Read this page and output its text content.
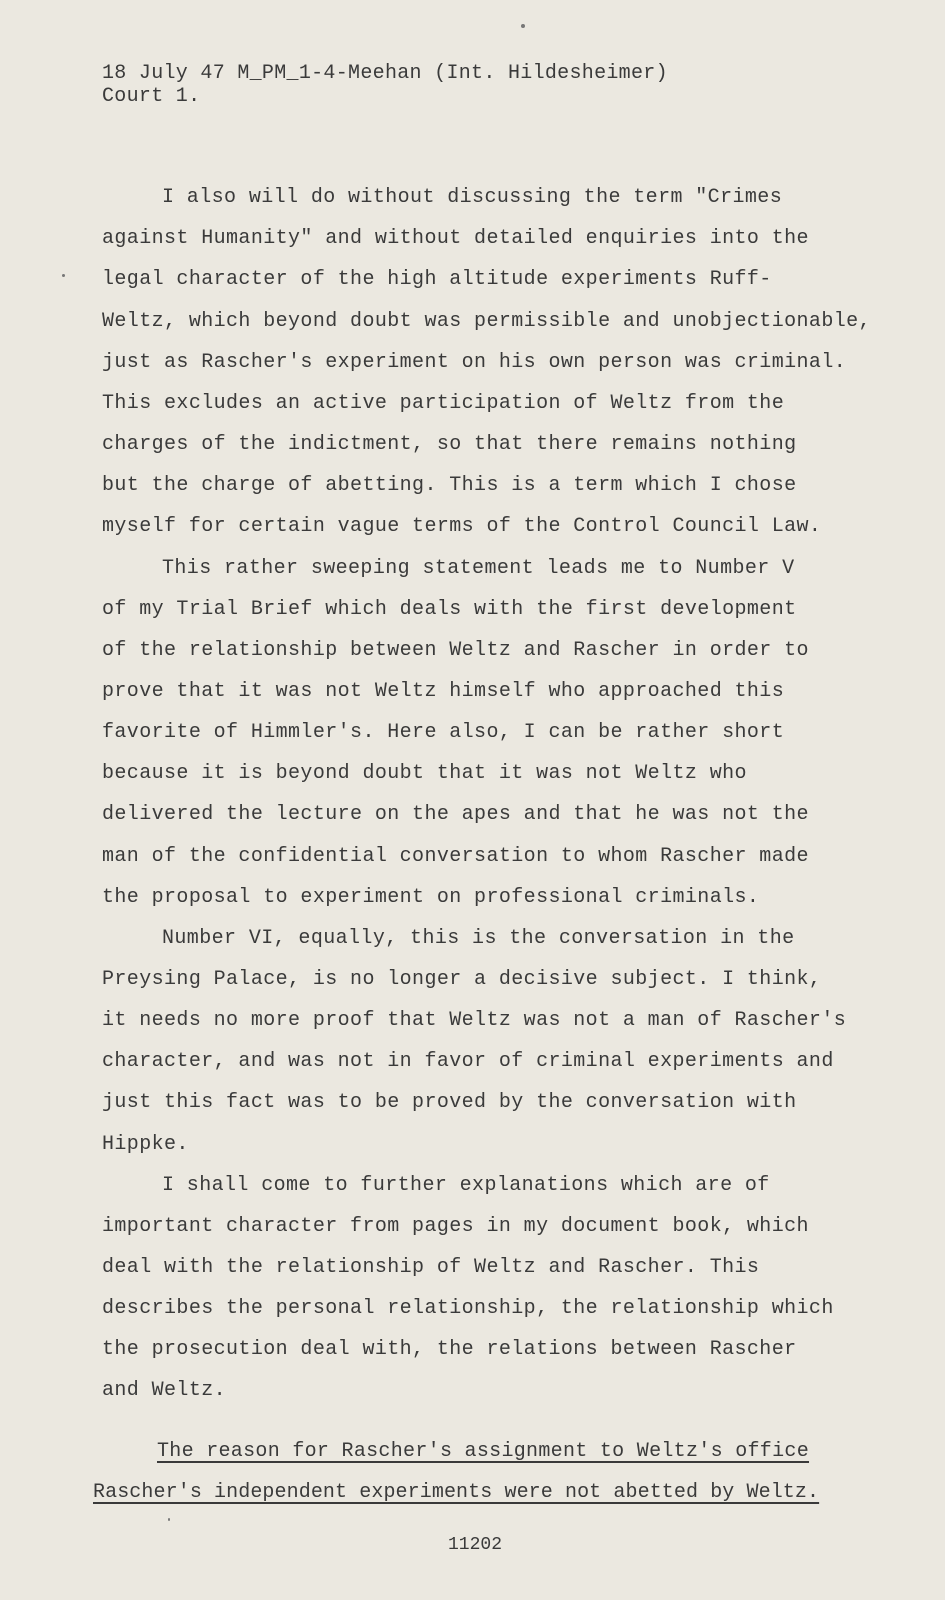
18 July 47 M_PM_1-4-Meehan (Int. Hildesheimer)
Court 1.
I also will do without discussing the term "Crimes
against Humanity" and without detailed enquiries into the
legal character of the high altitude experiments Ruff-
Weltz, which beyond doubt was permissible and unobjectionable,
just as Rascher's experiment on his own person was criminal.
This excludes an active participation of Weltz from the
charges of the indictment, so that there remains nothing
but the charge of abetting. This is a term which I chose
myself for certain vague terms of the Control Council Law.
This rather sweeping statement leads me to Number V
of my Trial Brief which deals with the first development
of the relationship between Weltz and Rascher in order to
prove that it was not Weltz himself who approached this
favorite of Himmler's. Here also, I can be rather short
because it is beyond doubt that it was not Weltz who
delivered the lecture on the apes and that he was not the
man of the confidential conversation to whom Rascher made
the proposal to experiment on professional criminals.
Number VI, equally, this is the conversation in the
Preysing Palace, is no longer a decisive subject. I think,
it needs no more proof that Weltz was not a man of Rascher's
character, and was not in favor of criminal experiments and
just this fact was to be proved by the conversation with
Hippke.
I shall come to further explanations which are of
important character from pages in my document book, which
deal with the relationship of Weltz and Rascher. This
describes the personal relationship, the relationship which
the prosecution deal with, the relations between Rascher
and Weltz.
The reason for Rascher's assignment to Weltz's office
Rascher's independent experiments were not abetted by Weltz.
11202
